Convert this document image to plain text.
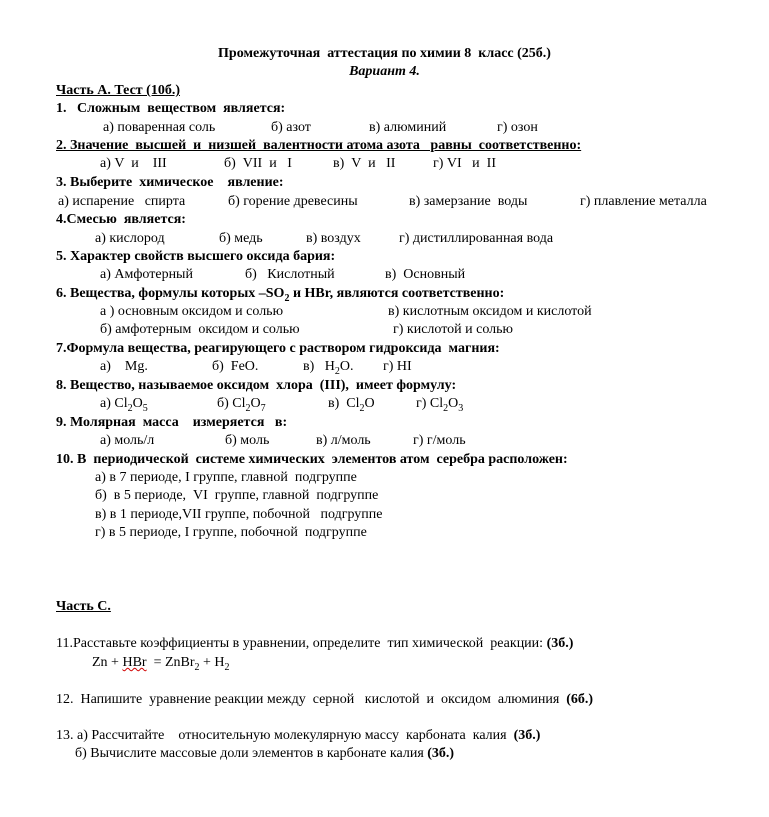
Промежуточная  аттестация по химии 8  класс (25б.)
Вариант 4.
Часть А. Тест (10б.)
1.   Сложным  веществом  является:
а) поваренная соль	б) азот	в) алюминий	г) озон
2. Значение  высшей  и  низшей  валентности атома азота   равны  соответственно:
а) V  и    III	б)  VII  и   I	в)  V  и   II	г) VI   и  II
3. Выберите  химическое    явление:
а) испарение   спирта	б) горение древесины	в) замерзание  воды	г) плавление металла
4.Смесью  является:
а) кислород	б) медь	в) воздух	г) дистиллированная вода
5. Характер свойств высшего оксида бария:
а) Амфотерный	б)   Кислотный	в)  Основный
6. Вещества, формулы которых $-SO_2$ и HBr, являются соответственно:
а ) основным оксидом и солью	в) кислотным оксидом и кислотой
б) амфотерным  оксидом и солью	г) кислотой и солью
7.Формула вещества, реагирующего с раствором гидроксида  магния:
а)    Mg.	б)  FeO.	в)   $H_2O$. г) HI
8. Вещество, называемое оксидом  хлора  (III),  имеет формулу:
а) $Cl_2O_5$	б) $Cl_2O_7$	в)  $Cl_2O$	г) $Cl_2O_3$
9. Молярная  масса    измеряется   в:
а) моль/л	б) моль	в) л/моль	г) г/моль
10. В  периодической  системе химических  элементов атом  серебра расположен:
а) в 7 периоде, I группе, главной  подгруппе
б)  в 5 периоде,  VI  группе, главной  подгруппе
в) в 1 периоде,VII группе, побочной   подгруппе
г) в 5 периоде, I группе, побочной  подгруппе
Часть С.
11.Расставьте коэффициенты в уравнении, определите  тип химической  реакции: (3б.)
Zn + HBr  = ZnBr$_2$ + $H_2$
12.  Напишите  уравнение реакции между  серной   кислотой  и  оксидом  алюминия  (6б.)
13. а) Рассчитайте    относительную молекулярную массу  карбоната  калия  (3б.)
б) Вычислите массовые доли элементов в карбонате калия (3б.)
